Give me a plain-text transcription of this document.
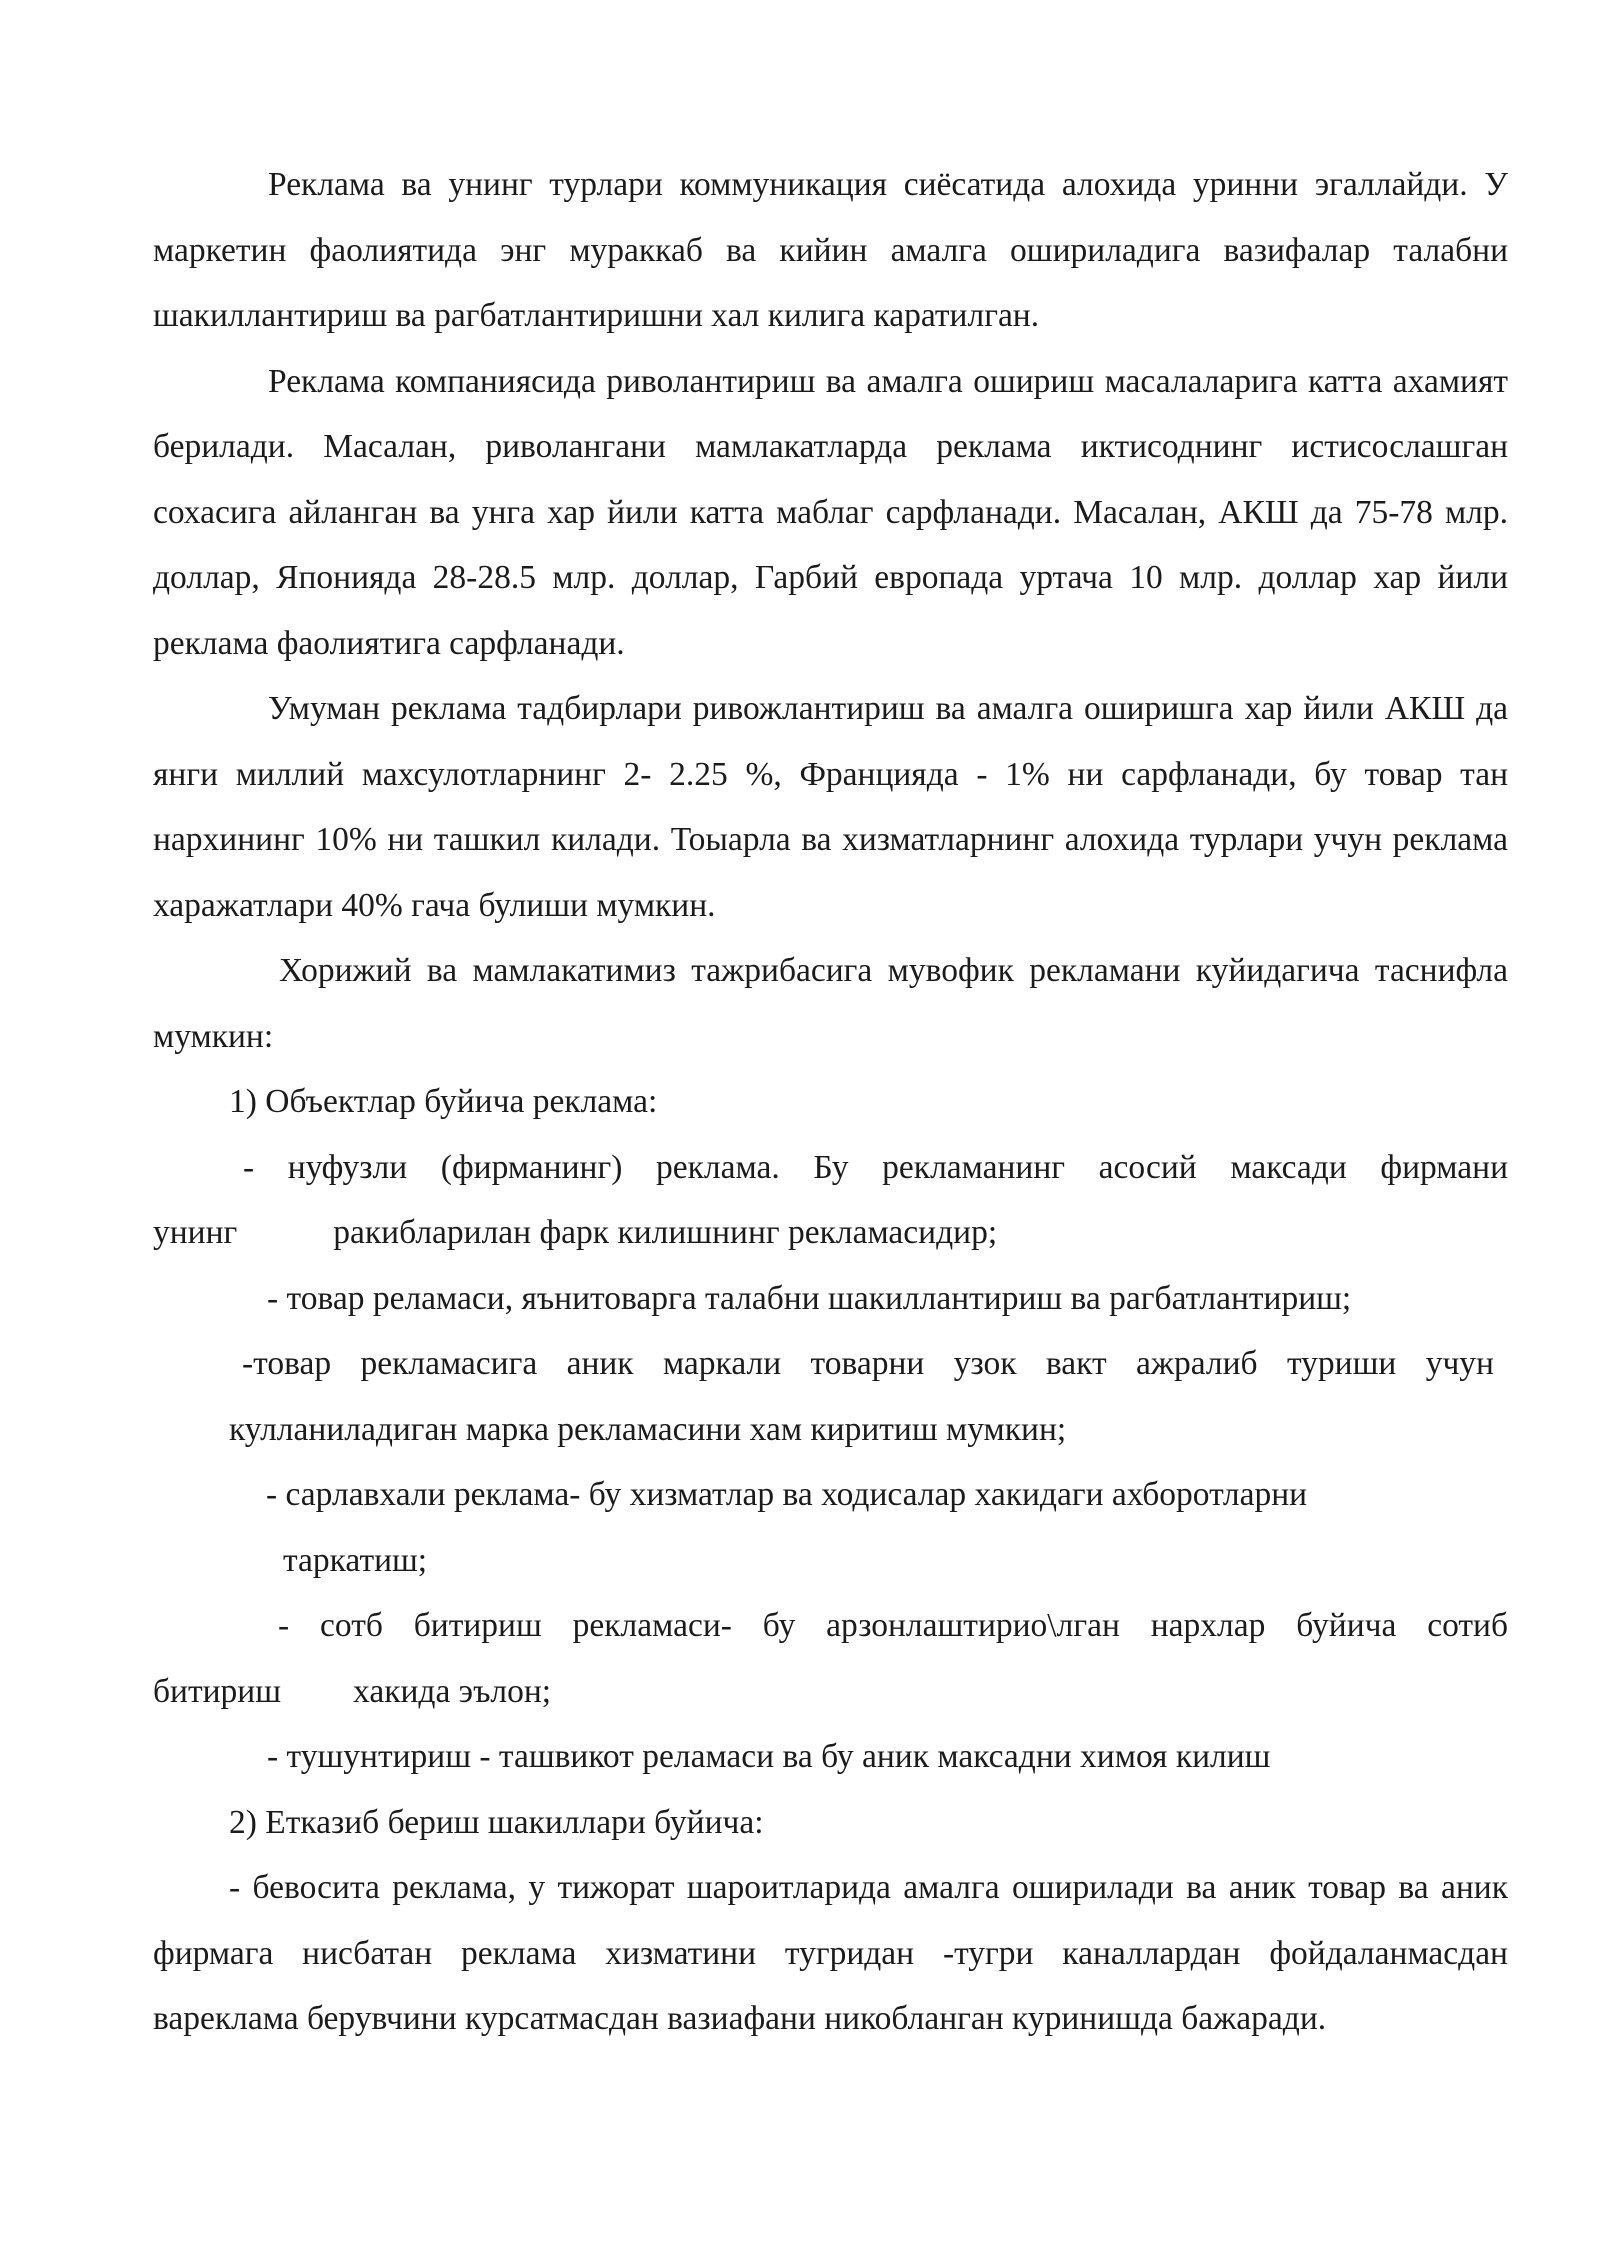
Реклама ва унинг турлари коммуникация сиёсатида алохида уринни эгаллайди. У маркетин фаолиятида энг мураккаб ва кийин амалга ошириладига вазифалар талабни шакиллантириш ва рагбатлантиришни хал килига каратилган.

Реклама компаниясида риволантириш ва амалга ошириш масалаларига катта ахамият берилади. Масалан, риволангани мамлакатларда реклама иктисоднинг истисослашган сохасига айланган ва унга хар йили катта маблаг сарфланади. Масалан, АКШ да 75-78 млр. доллар, Японияда 28-28.5 млр. доллар, Гарбий европада уртача 10 млр. доллар хар йили реклама фаолиятига сарфланади.

Умуман реклама тадбирлари ривожлантириш ва амалга оширишга хар йили АКШ да янги миллий махсулотларнинг 2- 2.25 %, Францияда - 1% ни сарфланади, бу товар тан нархининг 10% ни ташкил килади. Тоыарла ва хизматларнинг алохида турлари учун реклама харажатлари 40% гача булиши мумкин.

Хорижий ва мамлакатимиз тажрибасига мувофик рекламани куйидагича таснифла мумкин:

1) Объектлар буйича реклама:

- нуфузли (фирманинг) реклама. Бу рекламанинг асосий максади фирмани

унинг	ракибларилан фарк килишнинг рекламасидир;

- товар реламаси, яънитоварга талабни шакиллантириш ва рагбатлантириш;

-товар рекламасига аник маркали товарни узок вакт ажралиб туриши учун

кулланиладиган марка рекламасини хам киритиш мумкин;

- сарлавхали реклама- бу хизматлар ва ходисалар хакидаги ахборотларни

таркатиш;

- сотб битириш рекламаси- бу арзонлаштирио\лган нархлар буйича сотиб

битириш хакида эълон;

- тушунтириш - ташвикот реламаси ва бу аник максадни химоя килиш

2) Етказиб бериш шакиллари буйича:

- бевосита реклама, у тижорат шароитларида амалга оширилади ва аник товар ва аник фирмага нисбатан реклама хизматини тугридан -тугри каналлардан фойдаланмасдан вареклама берувчини курсатмасдан вазиафани никобланган куринишда бажаради.
